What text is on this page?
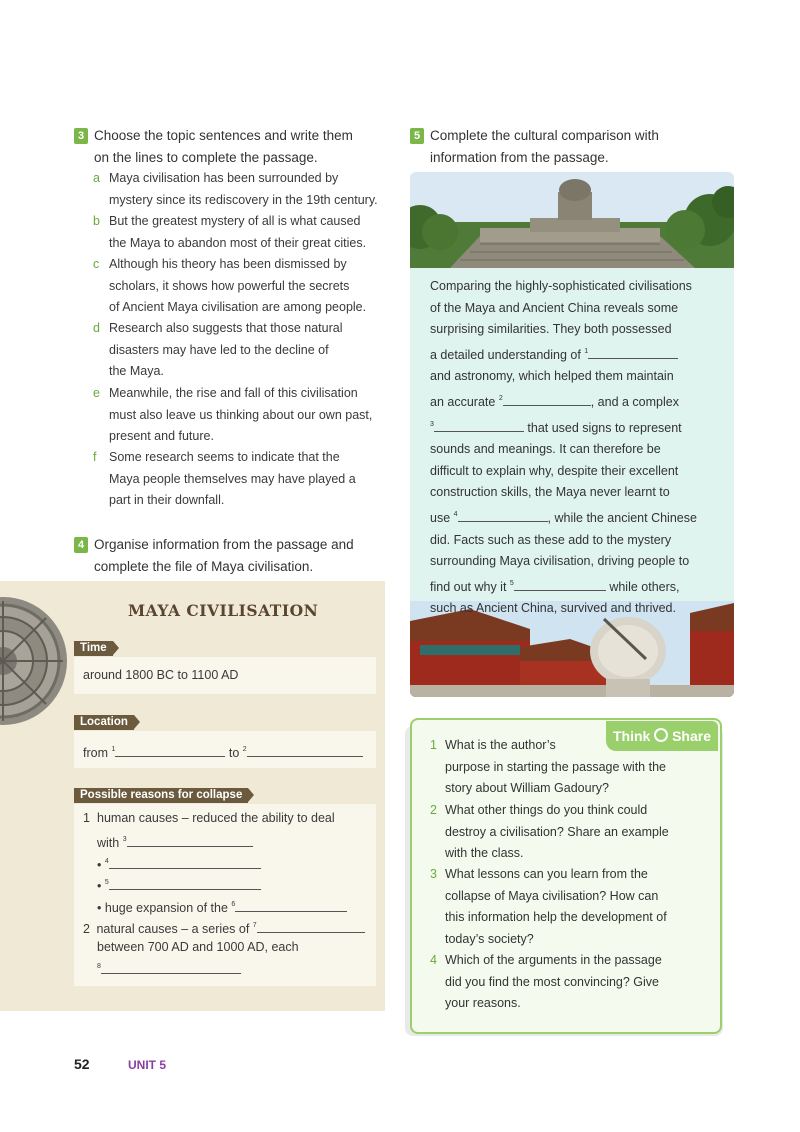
3 Choose the topic sentences and write them
on the lines to complete the passage.
a Maya civilisation has been surrounded by
mystery since its rediscovery in the 19th century.
b But the greatest mystery of all is what caused
the Maya to abandon most of their great cities.
c Although his theory has been dismissed by
scholars, it shows how powerful the secrets
of Ancient Maya civilisation are among people.
d Research also suggests that those natural
disasters may have led to the decline of
the Maya.
e Meanwhile, the rise and fall of this civilisation
must also leave us thinking about our own past,
present and future.
f Some research seems to indicate that the
Maya people themselves may have played a
part in their downfall.
4 Organise information from the passage and
complete the file of Maya civilisation.
MAYA CIVILISATION
Time
around 1800 BC to 1100 AD
Location
from $^1$	to $^2$
Possible reasons for collapse
1 human causes – reduced the ability to deal
with $^3$
• $^4$
• $^5$
• huge expansion of the $^6$
2 natural causes – a series of $^7$
between 700 AD and 1000 AD, each
$^8$
5 Complete the cultural comparison with
information from the passage.
Comparing the highly-sophisticated civilisations
of the Maya and Ancient China reveals some
surprising similarities. They both possessed
a detailed understanding of $^1$
and astronomy, which helped them maintain
an accurate $^2$	, and a complex
$^3$	that used signs to represent
sounds and meanings. It can therefore be
difficult to explain why, despite their excellent
construction skills, the Maya never learnt to
use $^4$	, while the ancient Chinese
did. Facts such as these add to the mystery
surrounding Maya civilisation, driving people to
find out why it $^5$	while others,
such as Ancient China, survived and thrived.
Think Share
1 What is the author’s
purpose in starting the passage with the
story about William Gadoury?
2 What other things do you think could
destroy a civilisation? Share an example
with the class.
3 What lessons can you learn from the
collapse of Maya civilisation? How can
this information help the development of
today’s society?
4 Which of the arguments in the passage
did you find the most convincing? Give
your reasons.
52	UNIT 5
